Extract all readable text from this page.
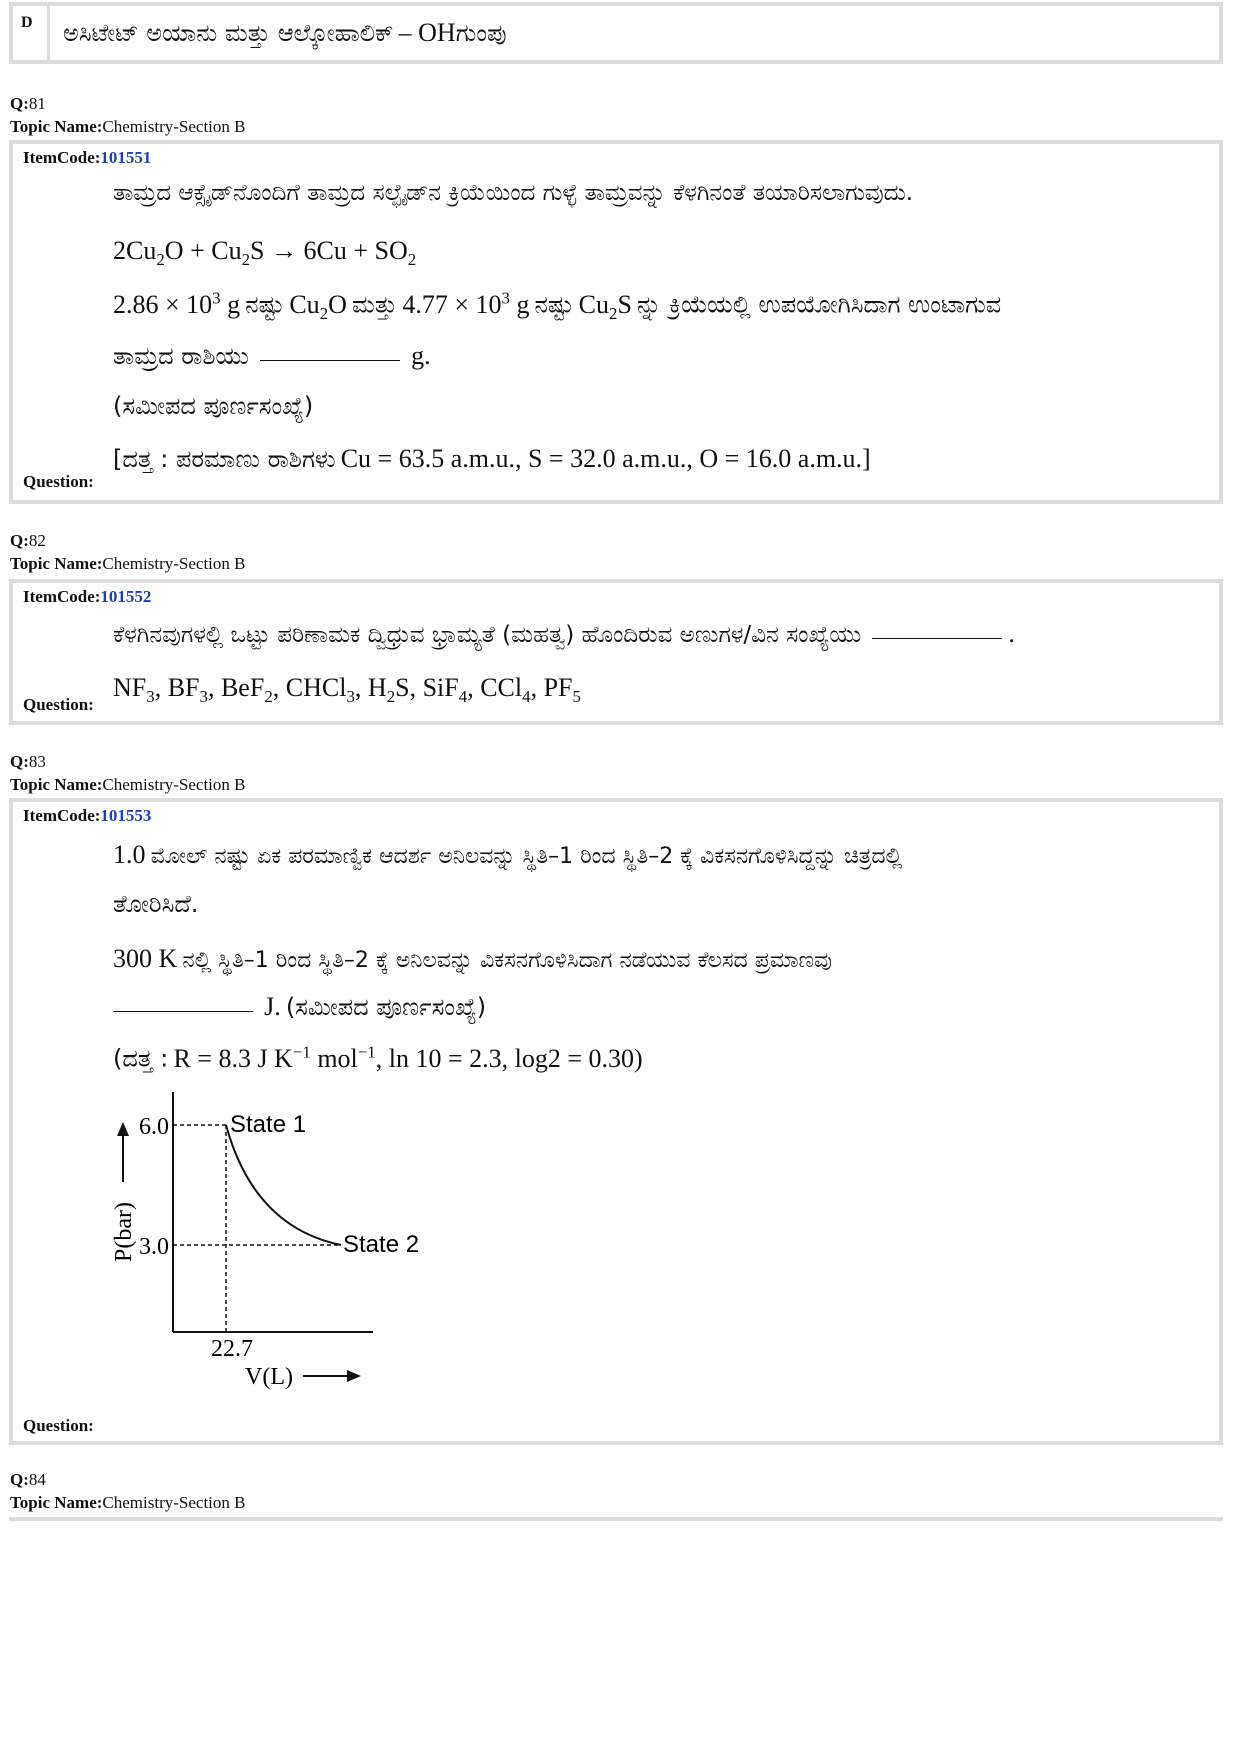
D ಅಸಿಟೇಟ್ ಅಯಾನು ಮತ್ತು ಆಲ್ಕೋಹಾಲಿಕ್ – OHಗುಂಪು
Q:81
Topic Name:Chemistry-Section B
ItemCode:101551
ತಾಮ್ರದ ಆಕ್ಸೈಡ್‌ನೊಂದಿಗೆ ತಾಮ್ರದ ಸಲ್ಫೈಡ್‌ನ ಕ್ರಿಯೆಯಿಂದ ಗುಳ್ಳೆ ತಾಮ್ರವನ್ನು ಕೆಳಗಿನಂತೆ ತಯಾರಿಸಲಾಗುವುದು.
$2Cu_2O + Cu_2S \to 6Cu + SO_2$
$2.86 \times 10^3$ g ನಷ್ಟು $Cu_2O$ ಮತ್ತು $4.77 \times 10^3$ g ನಷ್ಟು $Cu_2S$ ನ್ನು ಕ್ರಿಯೆಯಲ್ಲಿ ಉಪಯೋಗಿಸಿದಾಗ ಉಂಟಾಗುವ
ತಾಮ್ರದ ರಾಶಿಯು	g.
(ಸಮೀಪದ ಪೂರ್ಣಸಂಖ್ಯೆ)
[ದತ್ತ : ಪರಮಾಣು ರಾಶಿಗಳು Cu = 63.5 a.m.u., S = 32.0 a.m.u., O = 16.0 a.m.u.]
Question:
Q:82
Topic Name:Chemistry-Section B
ItemCode:101552
ಕೆಳಗಿನವುಗಳಲ್ಲಿ ಒಟ್ಟು ಪರಿಣಾಮಕ ದ್ವಿಧ್ರುವ ಭ್ರಾಮ್ಯತೆ (ಮಹತ್ವ) ಹೊಂದಿರುವ ಅಣುಗಳ/ವಿನ ಸಂಖ್ಯೆಯು	.
$NF_3$, $BF_3$, BeF$_2$, CHCl$_3$, $H_2S$, SiF$_4$, CCl$_4$, $PF_5$
Question:
Q:83
Topic Name:Chemistry-Section B
ItemCode:101553
1.0 ಮೋಲ್ ನಷ್ಟು ಏಕ ಪರಮಾಣ್ವಿಕ ಆದರ್ಶ ಅನಿಲವನ್ನು ಸ್ಥಿತಿ–1 ರಿಂದ ಸ್ಥಿತಿ–2 ಕ್ಕೆ ವಿಕಸನಗೊಳಿಸಿದ್ದನ್ನು ಚಿತ್ರದಲ್ಲಿ
ತೋರಿಸಿದೆ.
300 K ನಲ್ಲಿ ಸ್ಥಿತಿ–1 ರಿಂದ ಸ್ಥಿತಿ–2 ಕ್ಕೆ ಅನಿಲವನ್ನು ವಿಕಸನಗೊಳಿಸಿದಾಗ ನಡೆಯುವ ಕೆಲಸದ ಪ್ರಮಾಣವು
J. (ಸಮೀಪದ ಪೂರ್ಣಸಂಖ್ಯೆ)
(ದತ್ತ : R = 8.3 J $K^{-1}$ mol$^{-1}$, ln 10 = 2.3, log2 = 0.30)
6.0
3.0
22.7
State 1
State 2
P(bar)
V(L)
Question:
Q:84
Topic Name:Chemistry-Section B
